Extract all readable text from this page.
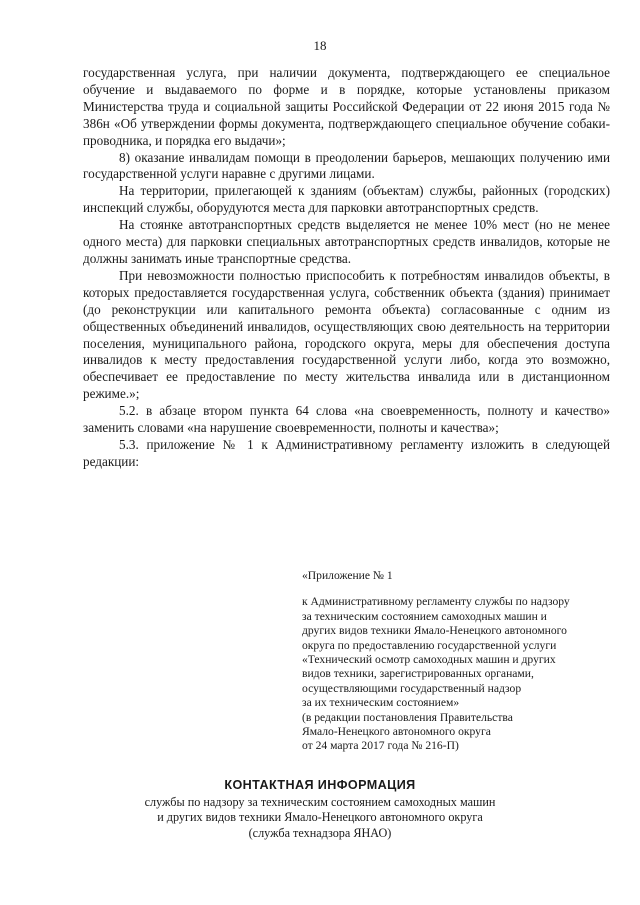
18

государственная услуга, при наличии документа, подтверждающего ее специальное обучение и выдаваемого по форме и в порядке, которые установлены приказом Министерства труда и социальной защиты Российской Федерации от 22 июня 2015 года № 386н «Об утверждении формы документа, подтверждающего специальное обучение собаки-проводника, и порядка его выдачи»;

8) оказание инвалидам помощи в преодолении барьеров, мешающих получению ими государственной услуги наравне с другими лицами.

На территории, прилегающей к зданиям (объектам) службы, районных (городских) инспекций службы, оборудуются места для парковки автотранспортных средств.

На стоянке автотранспортных средств выделяется не менее 10% мест (но не менее одного места) для парковки специальных автотранспортных средств инвалидов, которые не должны занимать иные транспортные средства.

При невозможности полностью приспособить к потребностям инвалидов объекты, в которых предоставляется государственная услуга, собственник объекта (здания) принимает (до реконструкции или капитального ремонта объекта) согласованные с одним из общественных объединений инвалидов, осуществляющих свою деятельность на территории поселения, муниципального района, городского округа, меры для обеспечения доступа инвалидов к месту предоставления государственной услуги либо, когда это возможно, обеспечивает ее предоставление по месту жительства инвалида или в дистанционном режиме.»;

5.2. в абзаце втором пункта 64 слова «на своевременность, полноту и качество» заменить словами «на нарушение своевременности, полноты и качества»;

5.3. приложение № 1 к Административному регламенту изложить в следующей редакции:

«Приложение № 1

к Административному регламенту службы по надзору

за техническим состоянием самоходных машин и

других видов техники Ямало-Ненецкого автономного

округа по предоставлению государственной услуги

«Технический осмотр самоходных машин и других

видов техники, зарегистрированных органами,

осуществляющими государственный надзор

за их техническим состоянием»

(в редакции постановления Правительства

Ямало-Ненецкого автономного округа

от 24 марта 2017 года № 216-П)

КОНТАКТНАЯ ИНФОРМАЦИЯ
службы по надзору за техническим состоянием самоходных машин
и других видов техники Ямало-Ненецкого автономного округа
(служба технадзора ЯНАО)
